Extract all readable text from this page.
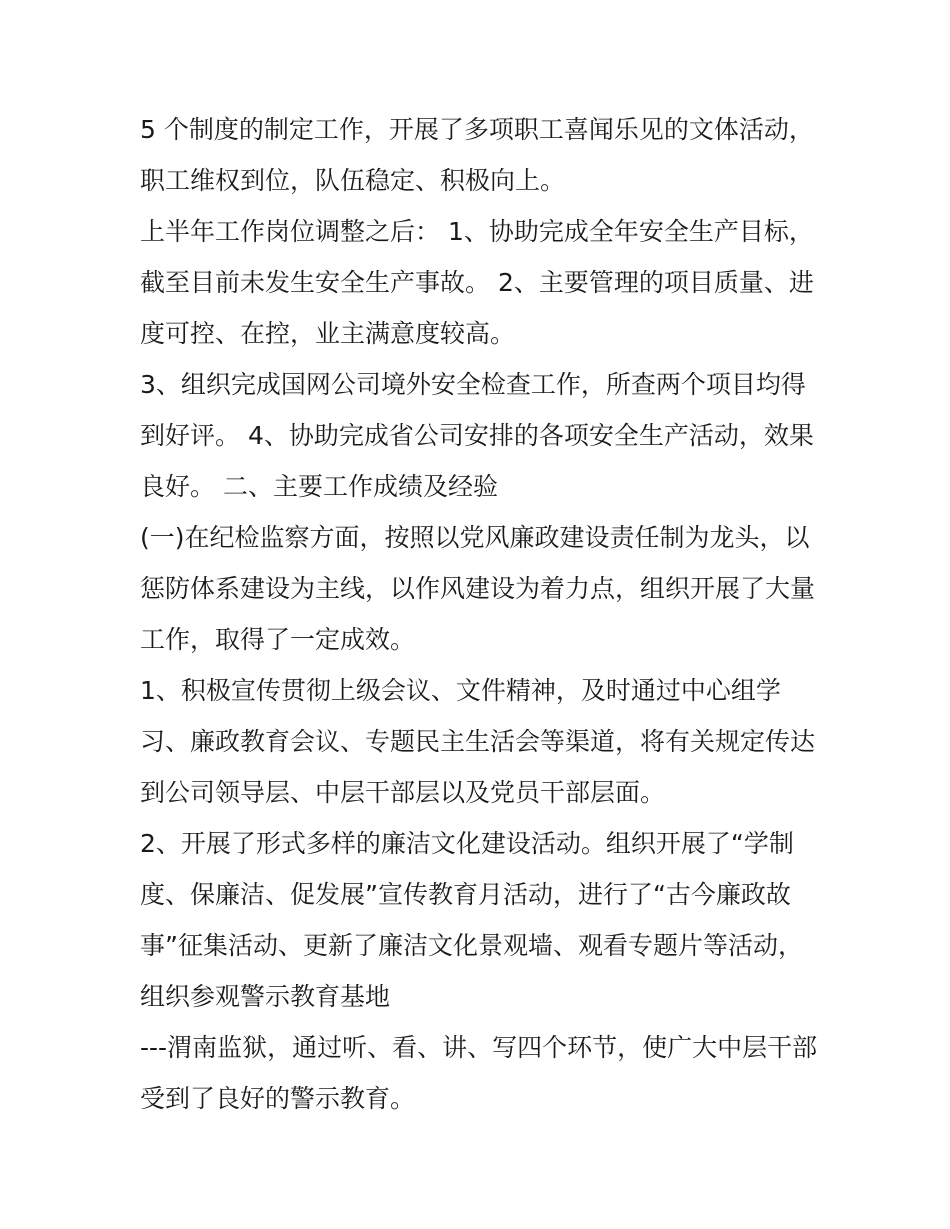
5 个制度的制定工作，开展了多项职工喜闻乐见的文体活动，
职工维权到位，队伍稳定、积极向上。
上半年工作岗位调整之后： 1、协助完成全年安全生产目标，
截至目前未发生安全生产事故。 2、主要管理的项目质量、进
度可控、在控，业主满意度较高。
3、组织完成国网公司境外安全检查工作，所查两个项目均得
到好评。 4、协助完成省公司安排的各项安全生产活动，效果
良好。 二、主要工作成绩及经验
(一)在纪检监察方面，按照以党风廉政建设责任制为龙头，以
惩防体系建设为主线，以作风建设为着力点，组织开展了大量
工作，取得了一定成效。
1、积极宣传贯彻上级会议、文件精神，及时通过中心组学
习、廉政教育会议、专题民主生活会等渠道，将有关规定传达
到公司领导层、中层干部层以及党员干部层面。
2、开展了形式多样的廉洁文化建设活动。组织开展了“学制
度、保廉洁、促发展”宣传教育月活动，进行了“古今廉政故
事”征集活动、更新了廉洁文化景观墙、观看专题片等活动，
组织参观警示教育基地
---渭南监狱，通过听、看、讲、写四个环节，使广大中层干部
受到了良好的警示教育。
